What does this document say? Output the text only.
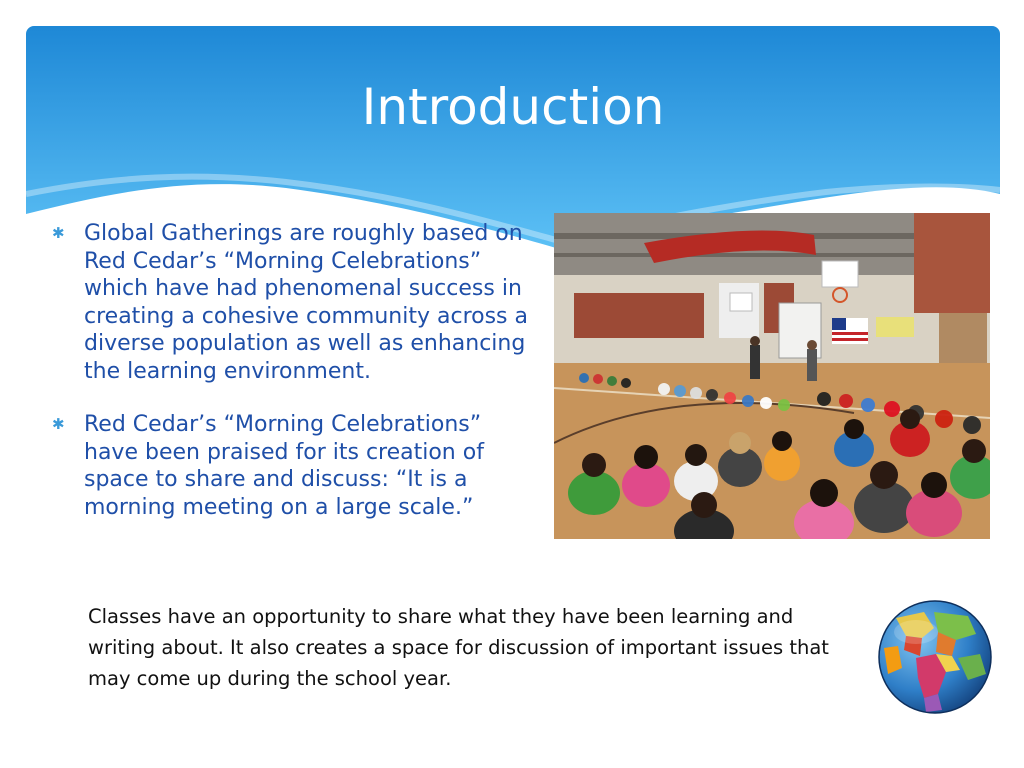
Introduction
✱ Global Gatherings are roughly based on Red Cedar’s “Morning Celebrations” which have had phenomenal success in creating a cohesive community across a diverse population as well as enhancing the learning environment.
✱ Red Cedar’s “Morning Celebrations” have been praised for its creation of space to share and discuss: “It is a morning meeting on a large scale.”

Classes have an opportunity to share what they have been learning and writing about. It also creates a space for discussion of important issues that may come up during the school year.
